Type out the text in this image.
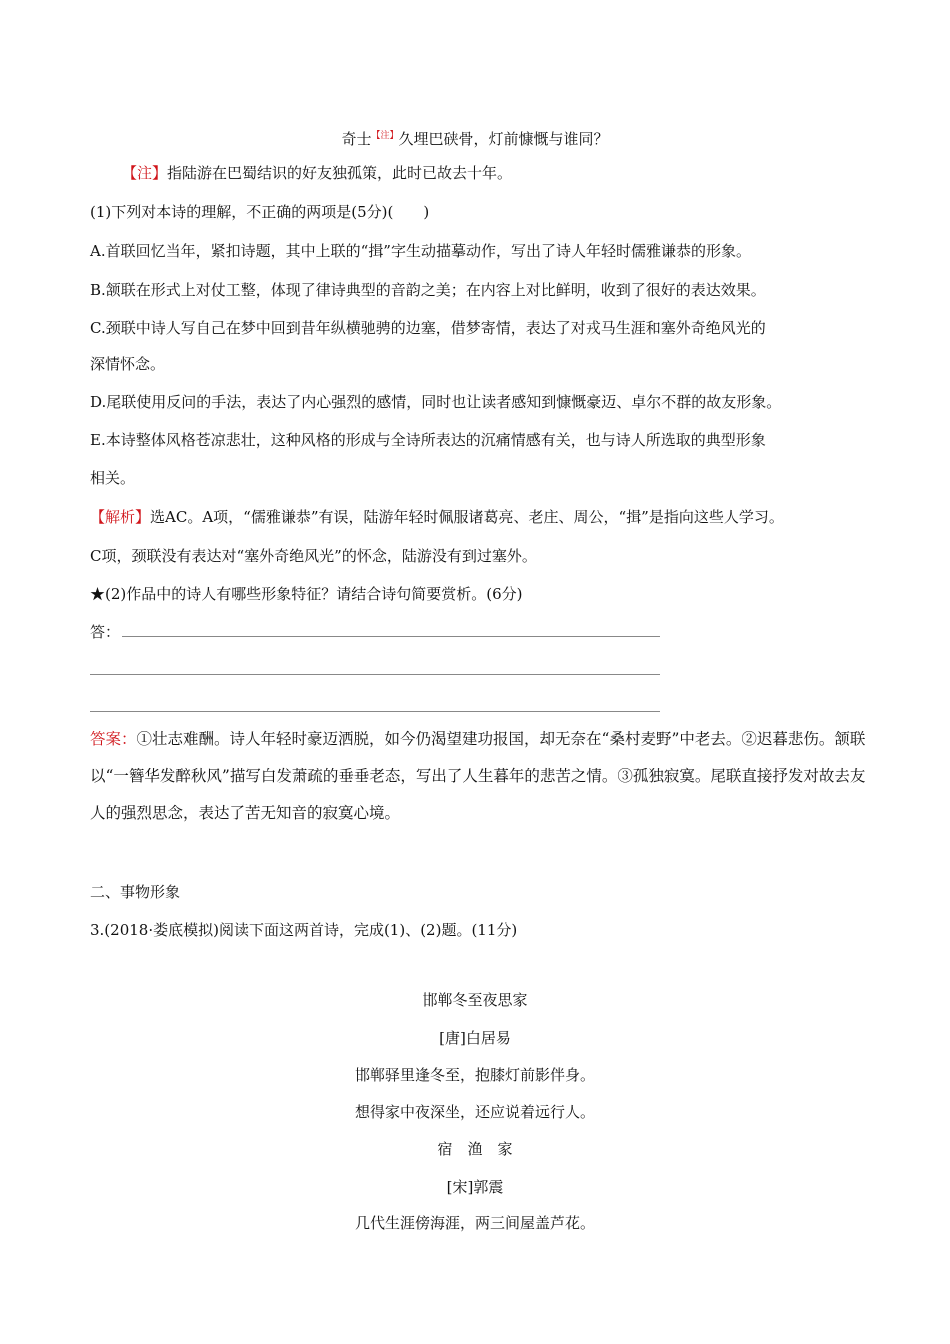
奇士$^{【注】}$久埋巴硖骨，灯前慷慨与谁同？
【注】指陆游在巴蜀结识的好友独孤策，此时已故去十年。
(1)下列对本诗的理解，不正确的两项是(5分)(　　)
A.首联回忆当年，紧扣诗题，其中上联的“揖”字生动描摹动作，写出了诗人年轻时儒雅谦恭的形象。
B.颔联在形式上对仗工整，体现了律诗典型的音韵之美；在内容上对比鲜明，收到了很好的表达效果。
C.颈联中诗人写自己在梦中回到昔年纵横驰骋的边塞，借梦寄情，表达了对戎马生涯和塞外奇绝风光的
深情怀念。
D.尾联使用反问的手法，表达了内心强烈的感情，同时也让读者感知到慷慨豪迈、卓尔不群的故友形象。
E.本诗整体风格苍凉悲壮，这种风格的形成与全诗所表达的沉痛情感有关，也与诗人所选取的典型形象
相关。
【解析】选AC。A项，“儒雅谦恭”有误，陆游年轻时佩服诸葛亮、老庄、周公，“揖”是指向这些人学习。
C项，颈联没有表达对“塞外奇绝风光”的怀念，陆游没有到过塞外。
★(2)作品中的诗人有哪些形象特征？请结合诗句简要赏析。(6分)
答：
答案：①壮志难酬。诗人年轻时豪迈洒脱，如今仍渴望建功报国，却无奈在“桑村麦野”中老去。②迟暮悲伤。颔联以“一簪华发醉秋风”描写白发萧疏的垂垂老态，写出了人生暮年的悲苦之情。③孤独寂寞。尾联直接抒发对故去友人的强烈思念，表达了苦无知音的寂寞心境。
二、事物形象
3.(2018·娄底模拟)阅读下面这两首诗，完成(1)、(2)题。(11分)
邯郸冬至夜思家
[唐]白居易
邯郸驿里逢冬至，抱膝灯前影伴身。
想得家中夜深坐，还应说着远行人。
宿　渔　家
[宋]郭震
几代生涯傍海涯，两三间屋盖芦花。
